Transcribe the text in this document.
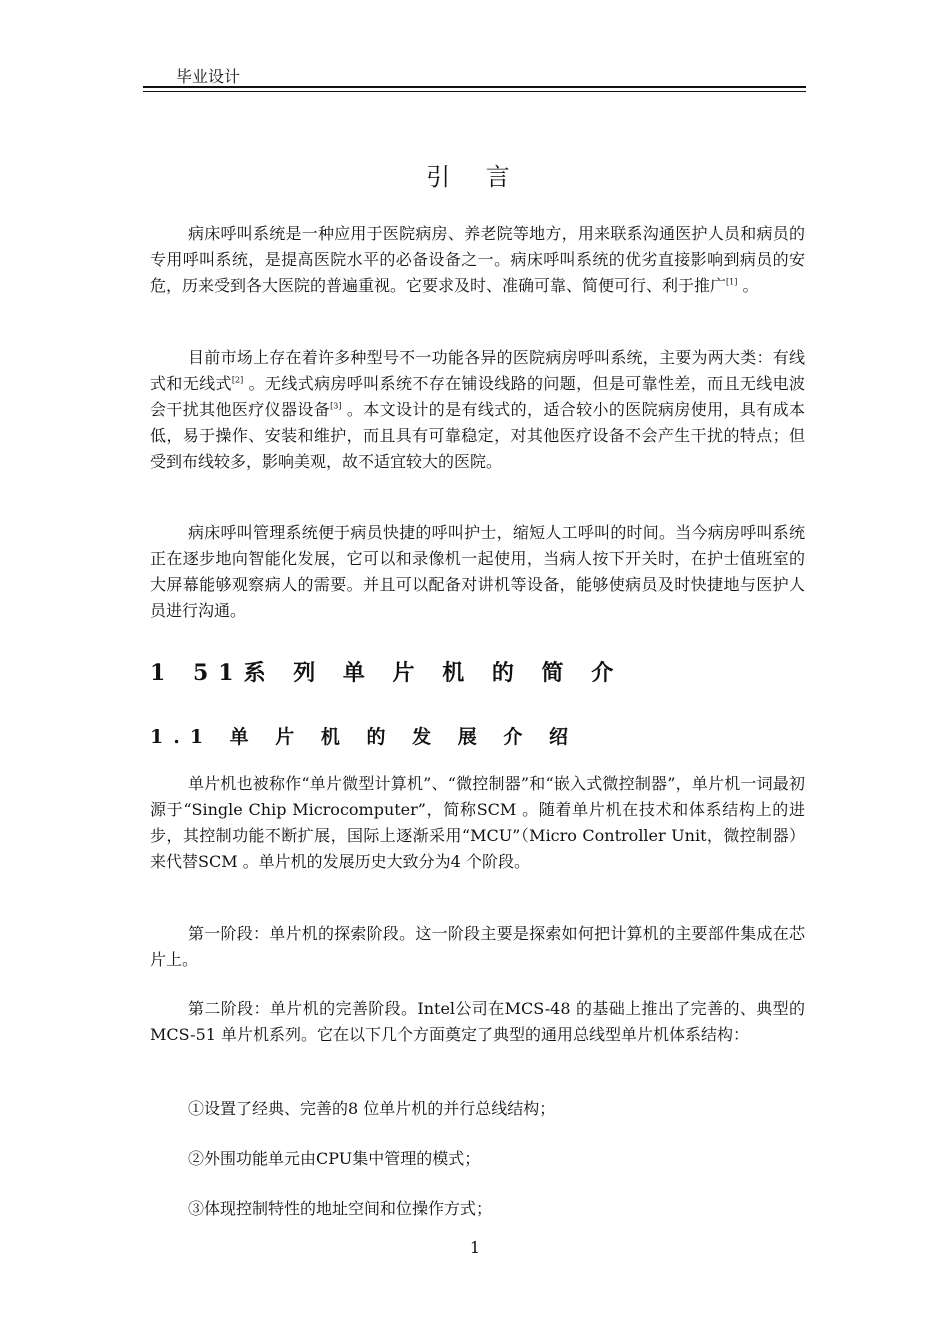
毕业设计
引 言

病床呼叫系统是一种应用于医院病房、养老院等地方，用来联系沟通医护人员和病员的专用呼叫系统，是提高医院水平的必备设备之一。病床呼叫系统的优劣直接影响到病员的安危，历来受到各大医院的普遍重视。它要求及时、准确可靠、简便可行、利于推广[1] 。

目前市场上存在着许多种型号不一功能各异的医院病房呼叫系统，主要为两大类：有线式和无线式[2] 。无线式病房呼叫系统不存在铺设线路的问题，但是可靠性差，而且无线电波会干扰其他医疗仪器设备[3] 。本文设计的是有线式的，适合较小的医院病房使用，具有成本低，易于操作、安装和维护，而且具有可靠稳定，对其他医疗设备不会产生干扰的特点；但受到布线较多，影响美观，故不适宜较大的医院。

病床呼叫管理系统便于病员快捷的呼叫护士，缩短人工呼叫的时间。当今病房呼叫系统正在逐步地向智能化发展，它可以和录像机一起使用，当病人按下开关时，在护士值班室的大屏幕能够观察病人的需要。并且可以配备对讲机等设备，能够使病员及时快捷地与医护人员进行沟通。

1 51系 列 单 片 机 的 简 介
1.1 单 片 机 的 发 展 介 绍

单片机也被称作“单片微型计算机”、“微控制器”和“嵌入式微控制器”，单片机一词最初源于“Single Chip Microcomputer”，简称SCM 。随着单片机在技术和体系结构上的进步，其控制功能不断扩展，国际上逐渐采用“MCU”（Micro Controller Unit，微控制器）来代替SCM 。单片机的发展历史大致分为4 个阶段。

第一阶段：单片机的探索阶段。这一阶段主要是探索如何把计算机的主要部件集成在芯片上。

第二阶段：单片机的完善阶段。Intel公司在MCS-48 的基础上推出了完善的、典型的MCS-51 单片机系列。它在以下几个方面奠定了典型的通用总线型单片机体系结构：

①设置了经典、完善的8 位单片机的并行总线结构；

②外围功能单元由CPU集中管理的模式；

③体现控制特性的地址空间和位操作方式；

1
